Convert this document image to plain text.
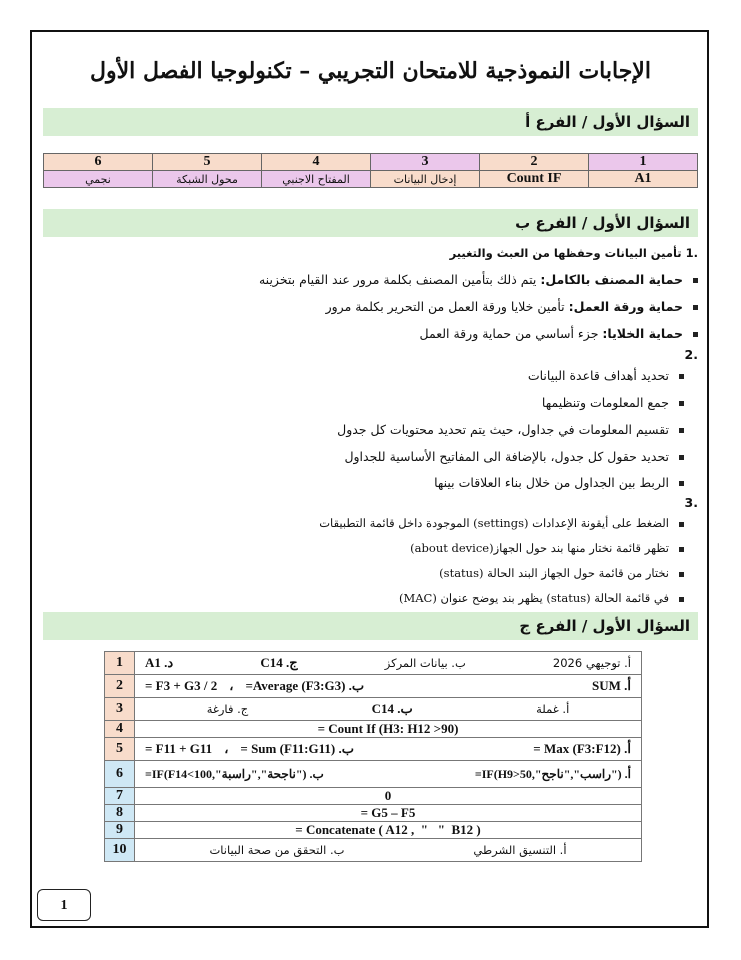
الإجابات النموذجية للامتحان التجريبي – تكنولوجيا الفصل الأول
السؤال الأول / الفرع أ
1	2	3	4	5	6
A1	Count IF	إدخال البيانات	المفتاح الاجنبي	محول الشبكة	نجمي
السؤال الأول / الفرع ب
.1 تأمين البيانات وحفظها من العبث والتغيير
حماية المصنف بالكامل: يتم ذلك بتأمين المصنف بكلمة مرور عند القيام بتخزينه
حماية ورقة العمل: تأمين خلايا ورقة العمل من التحرير بكلمة مرور
حماية الخلايا: جزء أساسي من حماية ورقة العمل
.2
تحديد أهداف قاعدة البيانات
جمع المعلومات وتنظيمها
تقسيم المعلومات في جداول، حيث يتم تحديد محتويات كل جدول
تحديد حقول كل جدول، بالإضافة الى المفاتيح الأساسية للجداول
الربط بين الجداول من خلال بناء العلاقات بينها
.3
الضغط على أيقونة الإعدادات (settings) الموجودة داخل قائمة التطبيقات
تظهر قائمة نختار منها بند حول الجهاز(about device)
نختار من قائمة حول الجهاز البند الحالة (status)
في قائمة الحالة (status) يظهر بند يوضح عنوان (MAC)
السؤال الأول / الفرع ج
1	أ. توجيهي 2026
ب. بيانات المركز
ج. C14
د. A1

2	أ. SUM
ب. (F3:G3) Average=
،
= F3 + G3 / 2

3	أ. غملة
ب. C14
ج. فارغة

4	= Count If (H3: H12 >90)
5	أ. (F3:F12) Max =
ب. (F11:G11) Sum =
،
= F11 + G11

6	أ. ("راسب","ناجح",IF(H9>50=
ب. ("ناجحة","راسبة",IF(F14<100=

7	0
8	= G5 – F5
9	= Concatenate ( A12 ,  "   "  B12 )
10	أ. التنسيق الشرطي
ب. التحقق من صحة البيانات
1
